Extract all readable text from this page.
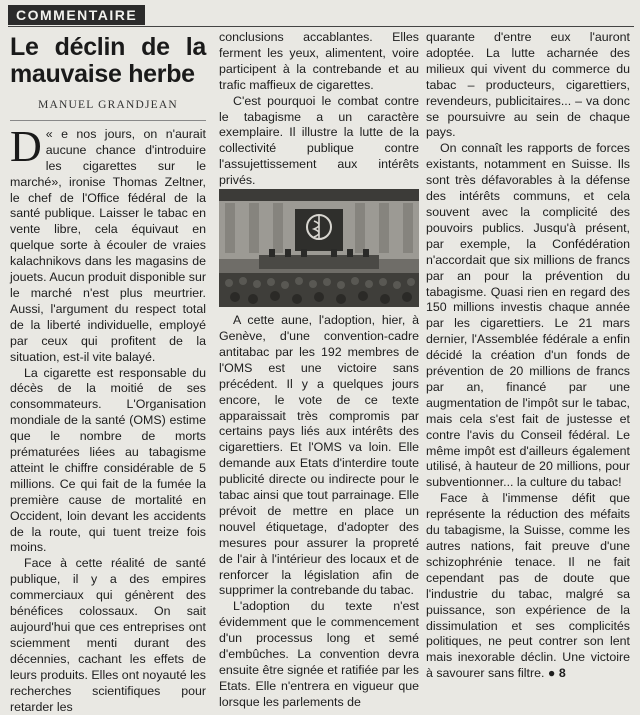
COMMENTAIRE
Le déclin de la mauvaise herbe
MANUEL GRANDJEAN

D « e nos jours, on n'aurait aucune chance d'introduire les cigarettes sur le marché», ironise Thomas Zeltner, le chef de l'Office fédéral de la santé publique. Laisser le tabac en vente libre, cela équivaut en quelque sorte à écouler de vraies kalachnikovs dans les magasins de jouets. Aucun produit disponible sur le marché n'est plus meurtrier. Aussi, l'argument du respect total de la liberté individuelle, employé par ceux qui profitent de la situation, est-il vite balayé.

La cigarette est responsable du décès de la moitié de ses consommateurs. L'Organisation mondiale de la santé (OMS) estime que le nombre de morts prématurées liées au tabagisme atteint le chiffre considérable de 5 millions. Ce qui fait de la fumée la première cause de mortalité en Occident, loin devant les accidents de la route, qui tuent treize fois moins.

Face à cette réalité de santé publique, il y a des empires commerciaux qui génèrent des bénéfices colossaux. On sait aujourd'hui que ces entreprises ont sciemment menti durant des décennies, cachant les effets de leurs produits. Elles ont noyauté les recherches scientifiques pour retarder les

conclusions accablantes. Elles ferment les yeux, alimentent, voire participent à la contrebande et au trafic maffieux de cigarettes.

C'est pourquoi le combat contre le tabagisme a un caractère exemplaire. Il illustre la lutte de la collectivité publique contre l'assujettissement aux intérêts privés.

A cette aune, l'adoption, hier, à Genève, d'une convention-cadre antitabac par les 192 membres de l'OMS est une victoire sans précédent. Il y a quelques jours encore, le vote de ce texte apparaissait très compromis par certains pays liés aux intérêts des cigarettiers. Et l'OMS va loin. Elle demande aux Etats d'interdire toute publicité directe ou indirecte pour le tabac ainsi que tout parrainage. Elle prévoit de mettre en place un nouvel étiquetage, d'adopter des mesures pour assurer la propreté de l'air à l'intérieur des locaux et de renforcer la législation afin de supprimer la contrebande du tabac.

L'adoption du texte n'est évidemment que le commencement d'un processus long et semé d'embûches. La convention devra ensuite être signée et ratifiée par les Etats. Elle n'entrera en vigueur que lorsque les parlements de

quarante d'entre eux l'auront adoptée. La lutte acharnée des milieux qui vivent du commerce du tabac – producteurs, cigarettiers, revendeurs, publicitaires... – va donc se poursuivre au sein de chaque pays.

On connaît les rapports de forces existants, notamment en Suisse. Ils sont très défavorables à la défense des intérêts communs, et cela souvent avec la complicité des pouvoirs publics. Jusqu'à présent, par exemple, la Confédération n'accordait que six millions de francs par an pour la prévention du tabagisme. Quasi rien en regard des 150 millions investis chaque année par les cigarettiers. Le 21 mars dernier, l'Assemblée fédérale a enfin décidé la création d'un fonds de prévention de 20 millions de francs par an, financé par une augmentation de l'impôt sur le tabac, mais cela s'est fait de justesse et contre l'avis du Conseil fédéral. Le même impôt est d'ailleurs également utilisé, à hauteur de 20 millions, pour subventionner... la culture du tabac!

Face à l'immense défit que représente la réduction des méfaits du tabagisme, la Suisse, comme les autres nations, fait preuve d'une schizophrénie tenace. Il ne fait cependant pas de doute que l'industrie du tabac, malgré sa puissance, son expérience de la dissimulation et ses complicités politiques, ne peut contrer son lent mais inexorable déclin. Une victoire à savourer sans filtre. ● 8
